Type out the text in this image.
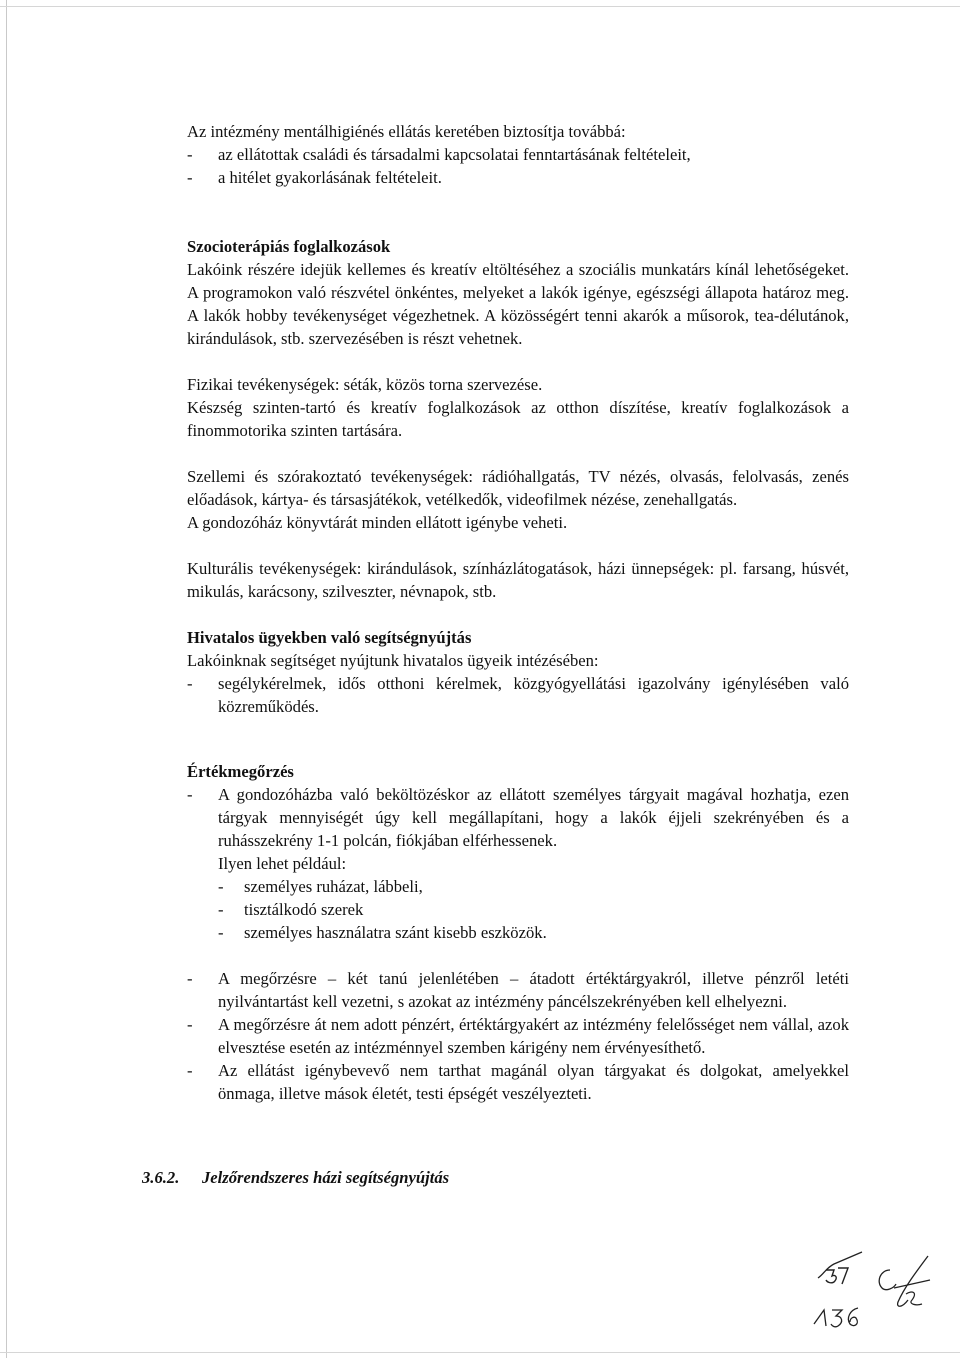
Az intézmény mentálhigiénés ellátás keretében biztosítja továbbá:

-	az ellátottak családi és társadalmi kapcsolatai fenntartásának feltételeit,
-	a hitélet gyakorlásának feltételeit.

Szocioterápiás foglalkozások

Lakóink részére idejük kellemes és kreatív eltöltéséhez a szociális munkatárs kínál lehetőségeket. A programokon való részvétel önkéntes, melyeket a lakók igénye, egészségi állapota határoz meg. A lakók hobby tevékenységet végezhetnek. A közösségért tenni akarók a műsorok, tea-délutánok, kirándulások, stb. szervezésében is részt vehetnek.

Fizikai tevékenységek: séták, közös torna szervezése.

Készség szinten-tartó és kreatív foglalkozások az otthon díszítése, kreatív foglalkozások a finommotorika szinten tartására.

Szellemi és szórakoztató tevékenységek: rádióhallgatás, TV nézés, olvasás, felolvasás, zenés előadások, kártya- és társasjátékok, vetélkedők, videofilmek nézése, zenehallgatás.

A gondozóház könyvtárát minden ellátott igénybe veheti.

Kulturális tevékenységek: kirándulások, színházlátogatások, házi ünnepségek: pl. farsang, húsvét, mikulás, karácsony, szilveszter, névnapok, stb.

Hivatalos ügyekben való segítségnyújtás

Lakóinknak segítséget nyújtunk hivatalos ügyeik intézésében:

-	segélykérelmek, idős otthoni kérelmek, közgyógyellátási igazolvány igénylésében való közreműködés.

Értékmegőrzés

-	A gondozóházba való beköltözéskor az ellátott személyes tárgyait magával hozhatja, ezen tárgyak mennyiségét úgy kell megállapítani, hogy a lakók éjjeli szekrényében és a ruhásszekrény 1-1 polcán, fiókjában elférhessenek.

Ilyen lehet például:

-	személyes ruházat, lábbeli,
-	tisztálkodó szerek
-	személyes használatra szánt kisebb eszközök.
-	A megőrzésre – két tanú jelenlétében – átadott értéktárgyakról, illetve pénzről letéti nyilvántartást kell vezetni, s azokat az intézmény páncélszekrényében kell elhelyezni.
-	A megőrzésre át nem adott pénzért, értéktárgyakért az intézmény felelősséget nem vállal, azok elvesztése esetén az intézménnyel szemben kárigény nem érvényesíthető.
-	Az ellátást igénybevevő nem tarthat magánál olyan tárgyakat és dolgokat, amelyekkel önmaga, illetve mások életét, testi épségét veszélyezteti.
3.6.2.	Jelzőrendszeres házi segítségnyújtás
